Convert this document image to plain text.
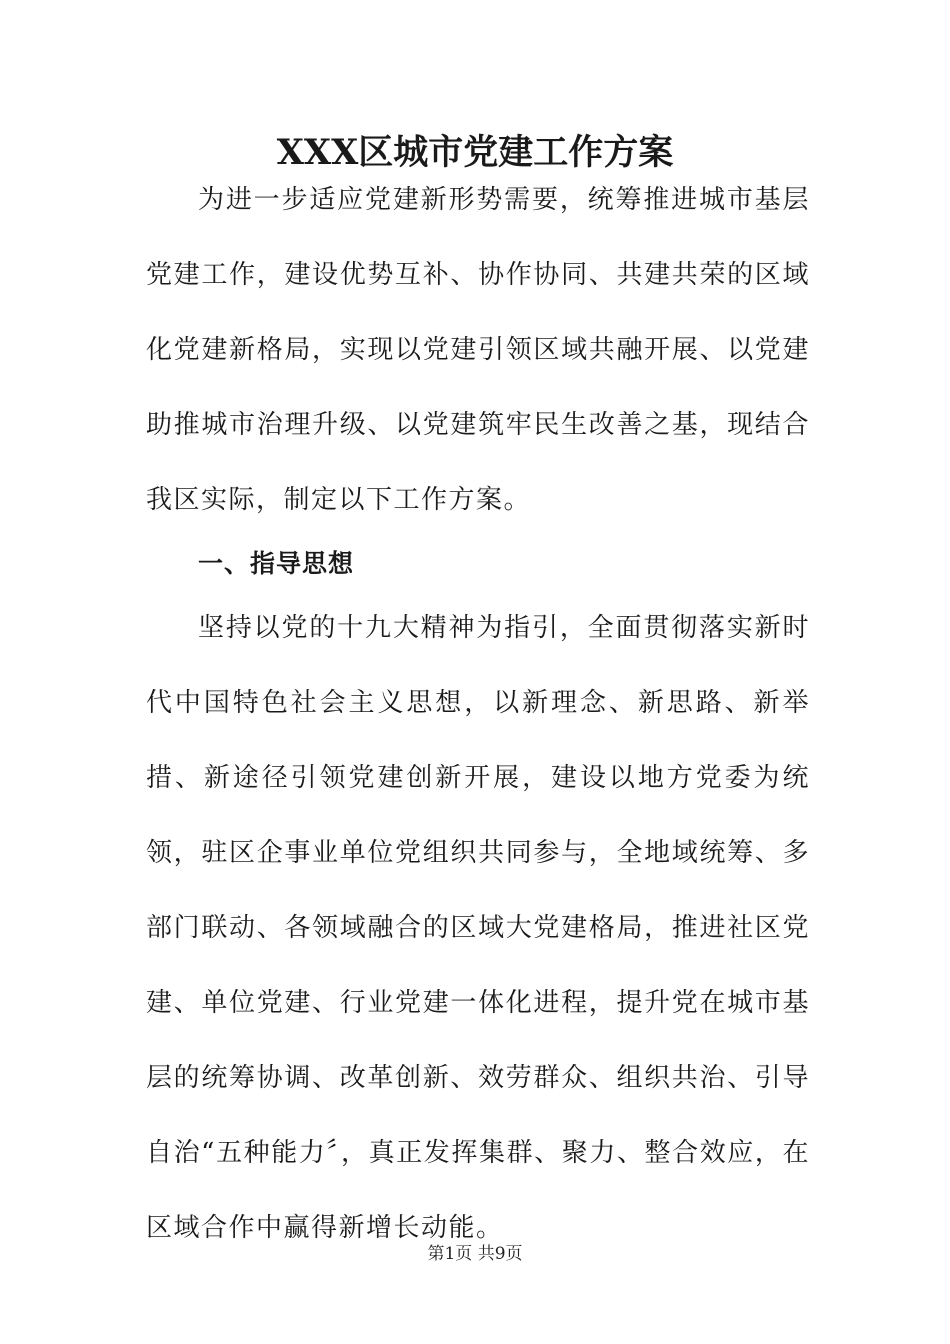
XXX区城市党建工作方案

为进一步适应党建新形势需要，统筹推进城市基层党建工作，建设优势互补、协作协同、共建共荣的区域化党建新格局，实现以党建引领区域共融开展、以党建助推城市治理升级、以党建筑牢民生改善之基，现结合我区实际，制定以下工作方案。

一、指导思想

坚持以党的十九大精神为指引，全面贯彻落实新时代中国特色社会主义思想，以新理念、新思路、新举措、新途径引领党建创新开展，建设以地方党委为统领，驻区企事业单位党组织共同参与，全地域统筹、多部门联动、各领域融合的区域大党建格局，推进社区党建、单位党建、行业党建一体化进程，提升党在城市基层的统筹协调、改革创新、效劳群众、组织共治、引导自治“五种能力〞，真正发挥集群、聚力、整合效应，在区域合作中赢得新增长动能。

第1页 共9页
